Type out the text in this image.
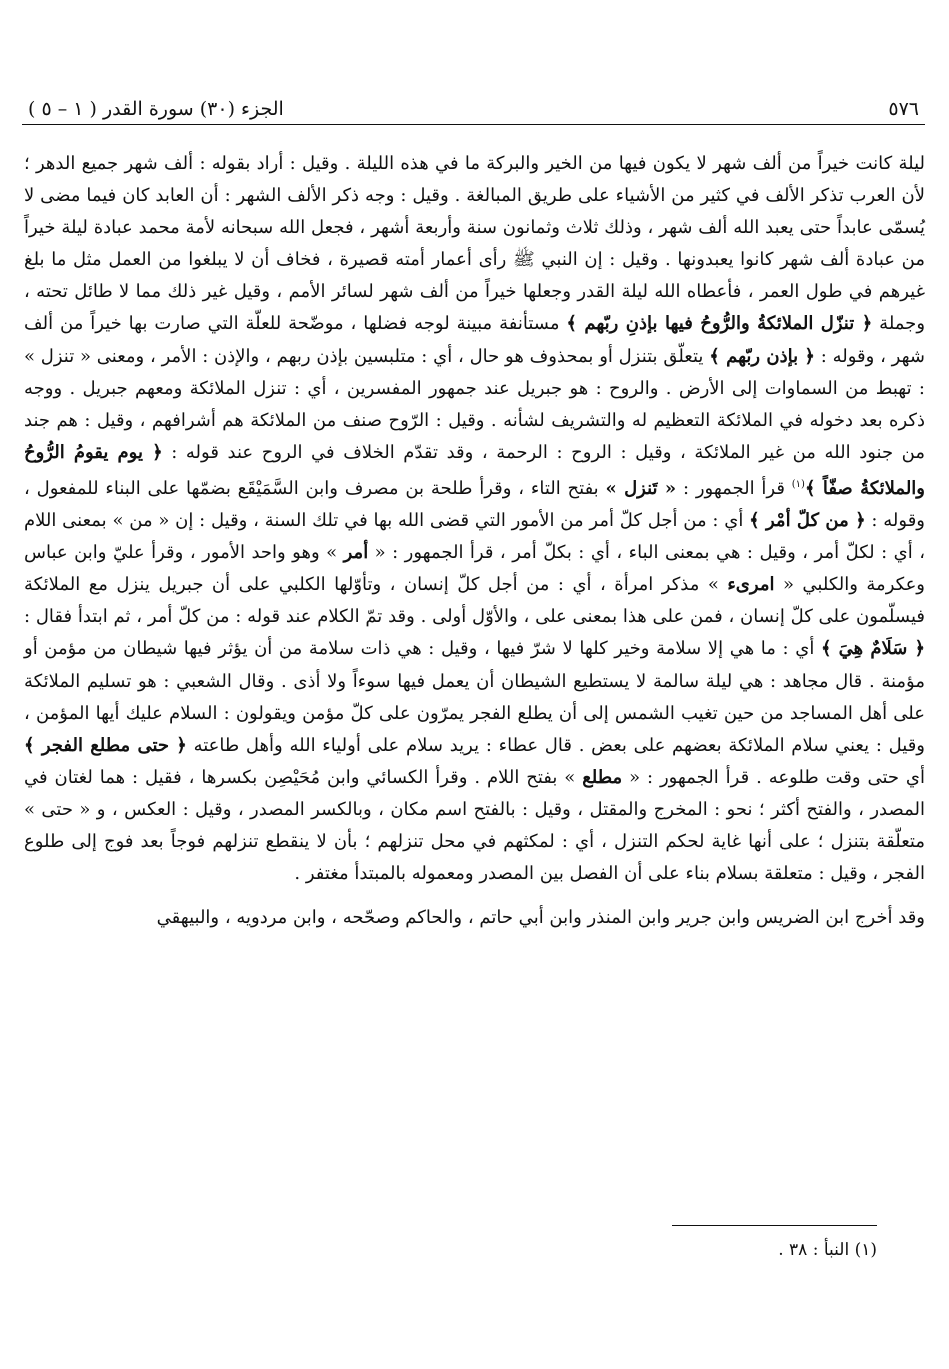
٥٧٦
الجزء (٣٠) سورة القدر ( ١ – ٥ )

ليلة كانت خيراً من ألف شهر لا يكون فيها من الخير والبركة ما في هذه الليلة . وقيل : أراد بقوله : ألف شهر جميع الدهر ؛ لأن العرب تذكر الألف في كثير من الأشياء على طريق المبالغة . وقيل : وجه ذكر الألف الشهر : أن العابد كان فيما مضى لا يُسمّى عابداً حتى يعبد الله ألف شهر ، وذلك ثلاث وثمانون سنة وأربعة أشهر ، فجعل الله سبحانه لأمة محمد عبادة ليلة خيراً من عبادة ألف شهر كانوا يعبدونها . وقيل : إن النبي ﷺ رأى أعمار أمته قصيرة ، فخاف أن لا يبلغوا من العمل مثل ما بلغ غيرهم في طول العمر ، فأعطاه الله ليلة القدر وجعلها خيراً من ألف شهر لسائر الأمم ، وقيل غير ذلك مما لا طائل تحته ، وجملة ﴿ تنزّل الملائكةُ والرُّوحُ فيها بإذنِ ربّهم ﴾ مستأنفة مبينة لوجه فضلها ، موضّحة للعلّة التي صارت بها خيراً من ألف شهر ، وقوله : ﴿ بإذن ربّهم ﴾ يتعلّق بتنزل أو بمحذوف هو حال ، أي : متلبسين بإذن ربهم ، والإذن : الأمر ، ومعنى « تنزل » : تهبط من السماوات إلى الأرض . والروح : هو جبريل عند جمهور المفسرين ، أي : تنزل الملائكة ومعهم جبريل . ووجه ذكره بعد دخوله في الملائكة التعظيم له والتشريف لشأنه . وقيل : الرّوح صنف من الملائكة هم أشرافهم ، وقيل : هم جند من جنود الله من غير الملائكة ، وقيل : الروح : الرحمة ، وقد تقدّم الخلاف في الروح عند قوله : ﴿ يوم يقومُ الرُّوحُ والملائكةُ صفّاً ﴾$^{(١)}$ قرأ الجمهور : « تَنزل » بفتح التاء ، وقرأ طلحة بن مصرف وابن السَّمَيْقَع بضمّها على البناء للمفعول ، وقوله : ﴿ من كلّ أمْر ﴾ أي : من أجل كلّ أمر من الأمور التي قضى الله بها في تلك السنة ، وقيل : إن « من » بمعنى اللام ، أي : لكلّ أمر ، وقيل : هي بمعنى الباء ، أي : بكلّ أمر ، قرأ الجمهور : « أمر » وهو واحد الأمور ، وقرأ عليّ وابن عباس وعكرمة والكلبي « امرىء » مذكر امرأة ، أي : من أجل كلّ إنسان ، وتأوّلها الكلبي على أن جبريل ينزل مع الملائكة فيسلّمون على كلّ إنسان ، فمن على هذا بمعنى على ، والأوّل أولى . وقد تمّ الكلام عند قوله : من كلّ أمر ، ثم ابتدأ فقال : ﴿ سَلَامٌ هِيَ ﴾ أي : ما هي إلا سلامة وخير كلها لا شرّ فيها ، وقيل : هي ذات سلامة من أن يؤثر فيها شيطان من مؤمن أو مؤمنة . قال مجاهد : هي ليلة سالمة لا يستطيع الشيطان أن يعمل فيها سوءاً ولا أذى . وقال الشعبي : هو تسليم الملائكة على أهل المساجد من حين تغيب الشمس إلى أن يطلع الفجر يمرّون على كلّ مؤمن ويقولون : السلام عليك أيها المؤمن ، وقيل : يعني سلام الملائكة بعضهم على بعض . قال عطاء : يريد سلام على أولياء الله وأهل طاعته ﴿ حتى مطلع الفجر ﴾ أي حتى وقت طلوعه . قرأ الجمهور : « مطلع » بفتح اللام . وقرأ الكسائي وابن مُحَيْصِن بكسرها ، فقيل : هما لغتان في المصدر ، والفتح أكثر ؛ نحو : المخرج والمقتل ، وقيل : بالفتح اسم مكان ، وبالكسر المصدر ، وقيل : العكس ، و « حتى » متعلّقة بتنزل ؛ على أنها غاية لحكم التنزل ، أي : لمكثهم في محل تنزلهم ؛ بأن لا ينقطع تنزلهم فوجاً بعد فوج إلى طلوع الفجر ، وقيل : متعلقة بسلام بناء على أن الفصل بين المصدر ومعموله بالمبتدأ مغتفر .

وقد أخرج ابن الضريس وابن جرير وابن المنذر وابن أبي حاتم ، والحاكم وصحّحه ، وابن مردويه ، والبيهقي

(١) النبأ : ٣٨ .
